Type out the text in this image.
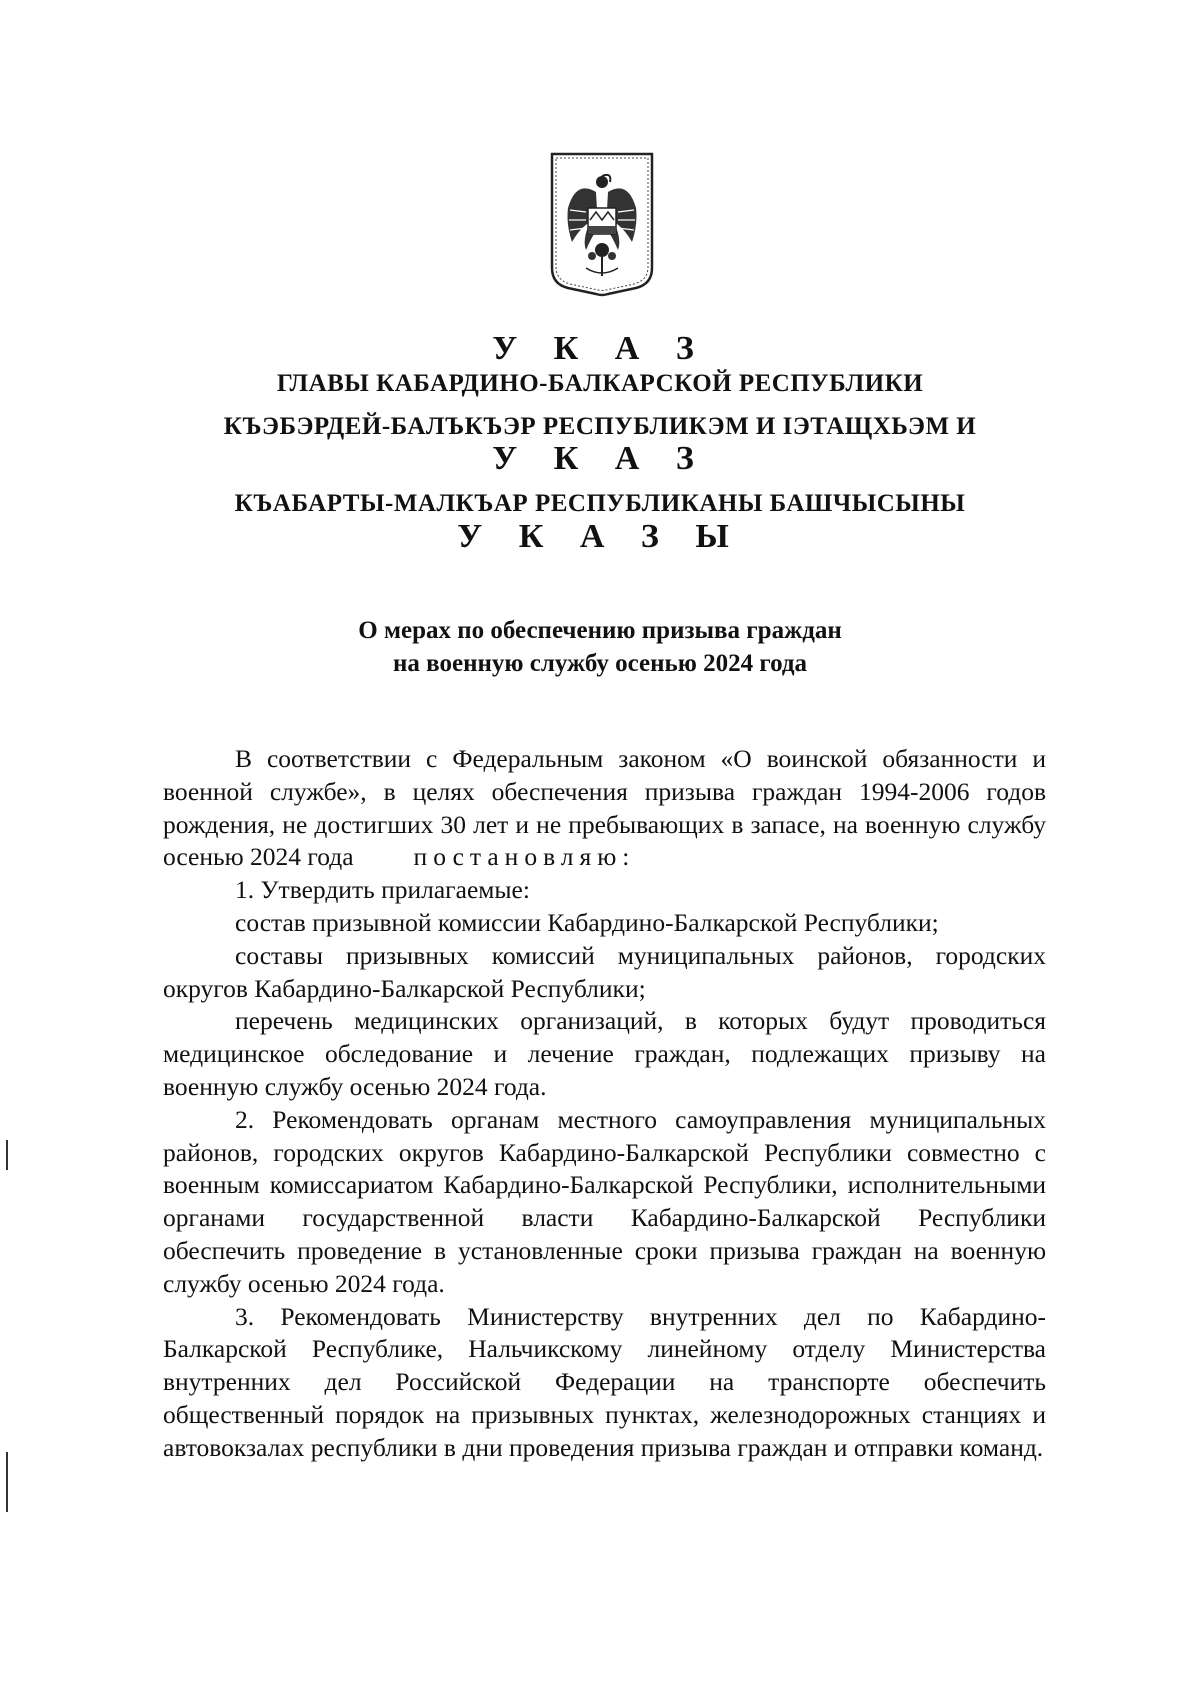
У К А З
ГЛАВЫ КАБАРДИНО-БАЛКАРСКОЙ РЕСПУБЛИКИ
КЪЭБЭРДЕЙ-БАЛЪКЪЭР РЕСПУБЛИКЭМ И IЭТАЩХЬЭМ И
У К А З
КЪАБАРТЫ-МАЛКЪАР РЕСПУБЛИКАНЫ БАШЧЫСЫНЫ
У К А З Ы
О мерах по обеспечению призыва граждан
на военную службу осенью 2024 года

В соответствии с Федеральным законом «О воинской обязанности и военной службе», в целях обеспечения призыва граждан 1994-2006 годов рождения, не достигших 30 лет и не пребывающих в запасе, на военную службу осенью 2024 года постановляю:

1. Утвердить прилагаемые:

состав призывной комиссии Кабардино-Балкарской Республики;

составы призывных комиссий муниципальных районов, городских округов Кабардино-Балкарской Республики;

перечень медицинских организаций, в которых будут проводиться медицинское обследование и лечение граждан, подлежащих призыву на военную службу осенью 2024 года.

2. Рекомендовать органам местного самоуправления муниципальных районов, городских округов Кабардино-Балкарской Республики совместно с военным комиссариатом Кабардино-Балкарской Республики, исполнительными органами государственной власти Кабардино-Балкарской Республики обеспечить проведение в установленные сроки призыва граждан на военную службу осенью 2024 года.

3. Рекомендовать Министерству внутренних дел по Кабардино-Балкарской Республике, Нальчикскому линейному отделу Министерства внутренних дел Российской Федерации на транспорте обеспечить общественный порядок на призывных пунктах, железнодорожных станциях и автовокзалах республики в дни проведения призыва граждан и отправки команд.
